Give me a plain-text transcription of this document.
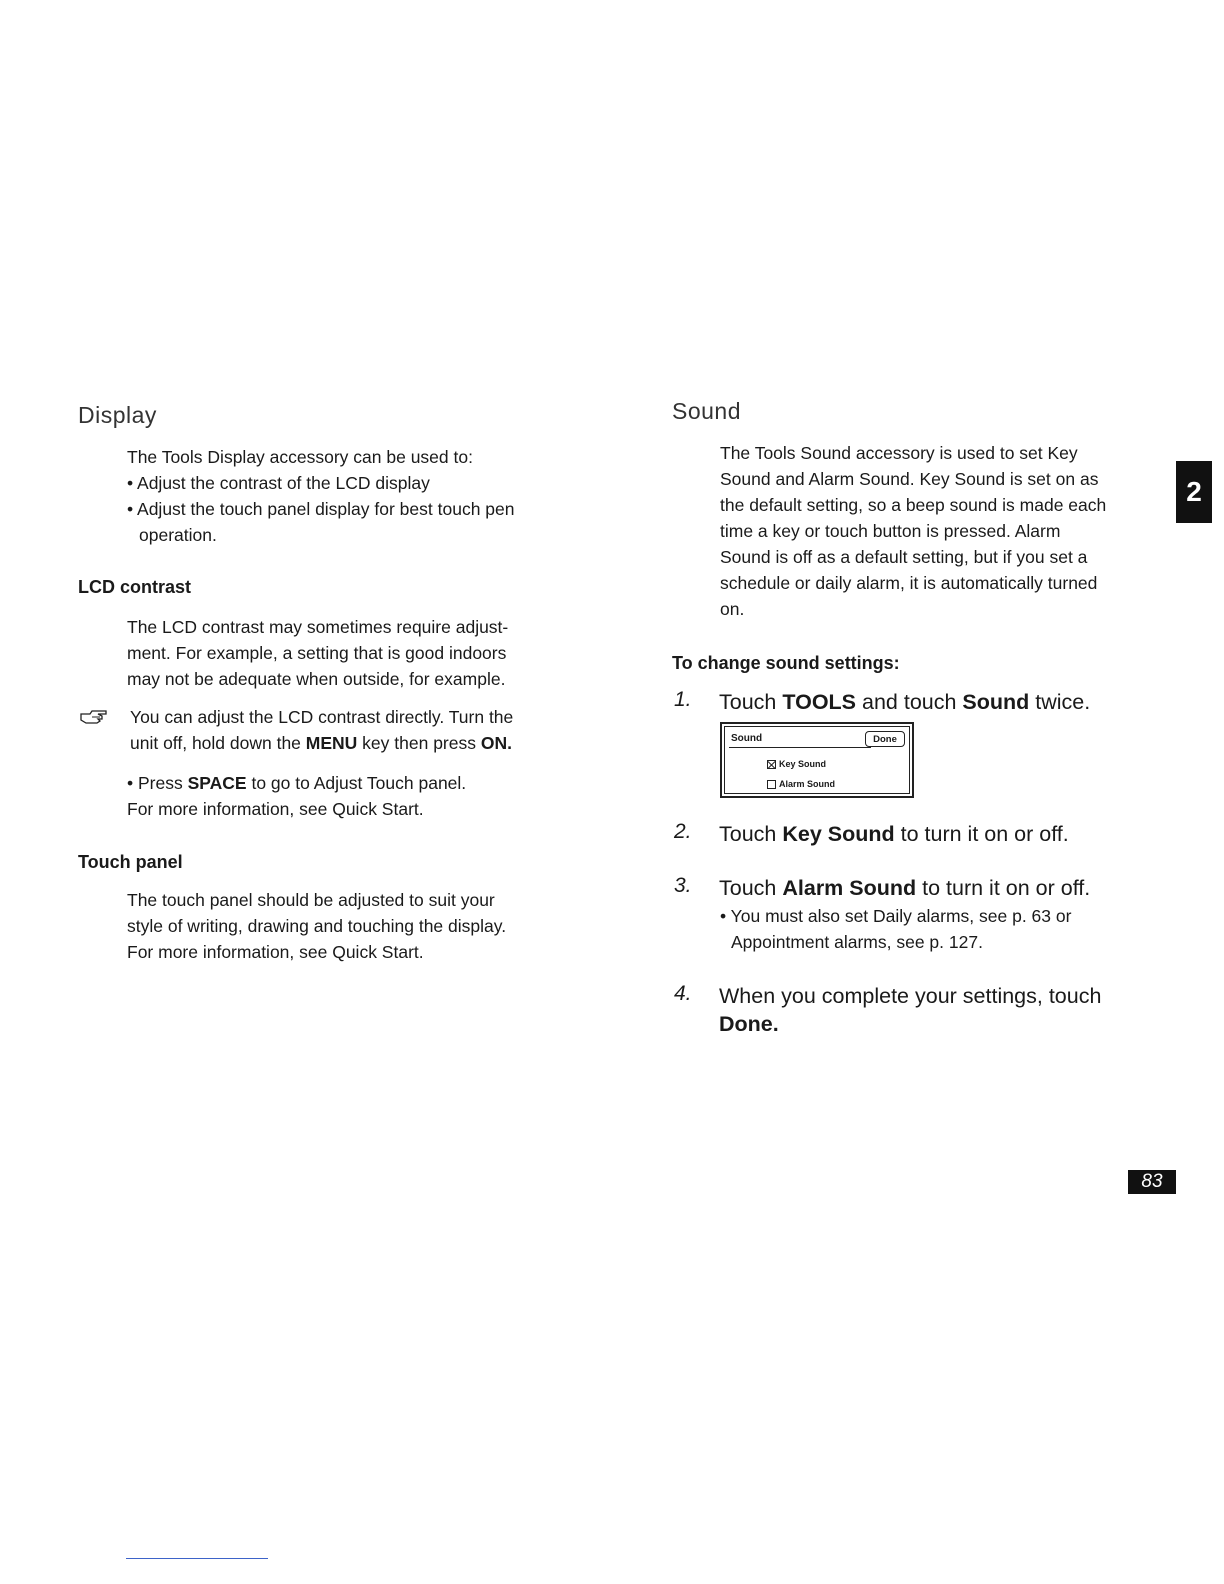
Display

The Tools Display accessory can be used to:

• Adjust the contrast of the LCD display

• Adjust the touch panel display for best touch pen

operation.

LCD contrast

The LCD contrast may sometimes require adjust-

ment. For example, a setting that is good indoors

may not be adequate when outside, for example.

You can adjust the LCD contrast directly. Turn the

unit off, hold down the MENU key then press ON.

• Press SPACE to go to Adjust Touch panel.

For more information, see Quick Start.

Touch panel

The touch panel should be adjusted to suit your

style of writing, drawing and touching the display.

For more information, see Quick Start.

Sound

The Tools Sound accessory is used to set Key

Sound and Alarm Sound. Key Sound is set on as

the default setting, so a beep sound is made each

time a key or touch button is pressed. Alarm

Sound is off as a default setting, but if you set a

schedule or daily alarm, it is automatically turned

on.

To change sound settings:
1. Touch TOOLS and touch Sound twice.
Sound	Done
Key Sound
Alarm Sound
2. Touch Key Sound to turn it on or off.
3. Touch Alarm Sound to turn it on or off.

• You must also set Daily alarms, see p. 63 or

Appointment alarms, see p. 127.

4. When you complete your settings, touch
Done.
2
83
